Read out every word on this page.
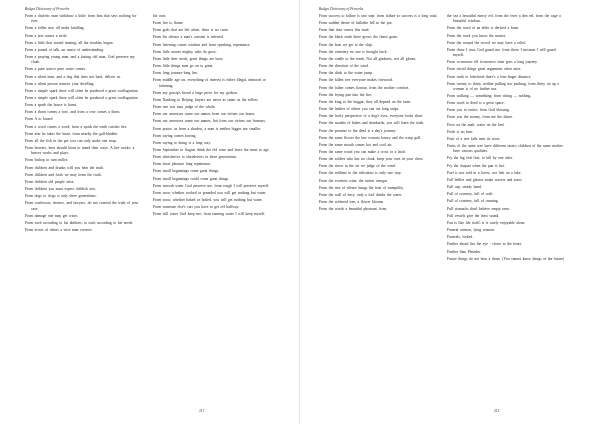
Budget Dictionary of Proverbs
From a choleric man withdraw a little; from him that says nothing for ever.
From a fallen tree, all make kindling.
From a jest comes a strife.
From a little that started sinning, all the troubles began.
From a pound of talk, an ounce of understanding.
From a praying young man, and a fasting old man, God preserve my cloak.
From a pure source pure water comes.
From a silent man, and a dog that does not bark, deliver us.
From a silent person remove your dwelling.
From a simple spark there will often be produced a great conflagration.
From a simple spark there will often be produced a great conflagration.
From a spark the house is burnt.
From a thorn comes a rose, and from a rose comes a thorn.
From A to Izzard.
From a word comes a word; from a spark the earth catches fire.
From afar he takes the heart, from nearby the gall-bladder.
From all the fish in the pot you can only make one soup.
From beavers, bees should learn to mend their ways. A bee works; a beaver works and plays.
From bishop to turn miller.
From children and drunks will you hear the truth.
From children and fools we may learn the truth.
From children old people arise.
From children you must expect childish acts.
From dogs to clogs is only three generations.
From confessors, doctors, and lawyers, do not conceal the truth of your case.
From damage one may get wiser.
From each according to his abilities, to each according to his needs.
From errors of others a wise man corrects
his own.
From fire to flame.
From gods that are left alone, there is no curse.
From his silence a man's consent is inferred.
From listening comes wisdom and from speaking, repentance.
From little acorns mighty oaks do grow.
From little deer seeds, great things are born.
From little things men go on to great.
From long journey-long lies.
From middle age on, everything of interest is either illegal, immoral or fattening.
From my gossip's bread a large piece for my godson.
From Nanking to Beijing, buyers are never as smart as the sellers.
From one you may judge of the whole.
From our ancestors come our names from our virtues our honor.
From our ancestors come our names, but from our virtues our honours.
From praise, as from a shadow, a man is neither bigger nor smaller.
From saying comes having.
From saying to doing is a long way.
From September to August drink the old wine and leave the must to age.
From shirtsleeves to shirtsleeves in three generations.
From short pleasure long repentance.
From small beginnings come great things.
From small beginnings could come great things.
From smooth water God preserve me, from rough I will preserve myself.
From snow whether cooked or pounded you will get nothing but water.
From snow, whether baked or boiled, you will get nothing but water.
From someone else's cart you have to get off halfway.
From still water God keep me; from running water I will keep myself.
211
Budget Dictionary of Proverbs
From success to failure is one step: from failure to success is a long road.
From sudden desire of hallothe fell in the pot.
From that dust comes this mud.
From the black earth there grows the finest grain.
From the boat we get to the ship.
From the cemetery no one is brought back.
From the cradle to the tomb, Not all gladness, not all gloom.
From the direction of the wind.
From the ditch to the water jump.
From the fallen tree everyone makes firewood.
From the father comes honour, from the mother comfort.
From the frying pan into the fire.
From the king to the beggar, they all depend on the farm.
From the leather of others you can cut long strips.
From the lowly perspective of a dog's eyes, everyone looks short.
From the mouths of babes and drunkards, you will learn the truth.
From the promise to the deed is a day's journey.
From the same flower the bee extracts honey and the wasp gall.
From the same mouth comes hot and cool air.
From the same wood you can make a cross or a latch.
From the soldier who has no cloak, keep your own in your chest.
From the stress in the air we judge of the wind.
From the sublime to the ridiculous is only one step.
From the sweetest wine, the tartest vinegar.
From the tree of silence hangs the fruit of tranquility.
From the wall of envy, only a fool drinks the water.
From the withered tree, a flower blooms.
From the words a beautiful pheasant, from
the sea a beautiful mercy eel, from the river a den eel, from the cage a beautiful wisdom.
From the word of an elder is derived a bone.
From the work you know the master.
From the wound the crowd we may have a relief.
From those I trust God guard me, from those I mistrust I will guard myself.
From to-morrow till to-morrow time goes a long journey.
From trivial things great arguments often arise.
From truth to falsehood there's a four-finger distance.
From twenty to thirty, neither pulling nor pushing, from thirty on up a woman is of no further use.
From walking — something; from sitting — nothing.
From word to deed is a great space.
From you to entice, from God blessing.
From you the money, from me the dance.
Frost on the malt, water on the bed.
Froth is no beer.
Fruit of a tree falls near its roots.
Fruits of the same tree have different tastes; children of the same mother have various qualities.
Fry the big fish first, to kill by one after.
Fry the chapati when the pan is hot.
Fuel is not sold in a forest, nor fish on a lake.
Full bellies and glasses make wavers and asses.
Full cup, steady hand.
Full of courtesy, full of craft.
Full of courtesy, full of cunning.
Full stomachs don't believe empty ones.
Full vessels give the least sound.
Fun is like life itself: it is rarely enjoyable alone.
Funeral sermon, lying sermon.
Funerals, forked.
Further ahead lies the eye - closer to the heart.
Further than Pleiades.
Future things do not hear a drum. (You cannot know things of the future)
212
